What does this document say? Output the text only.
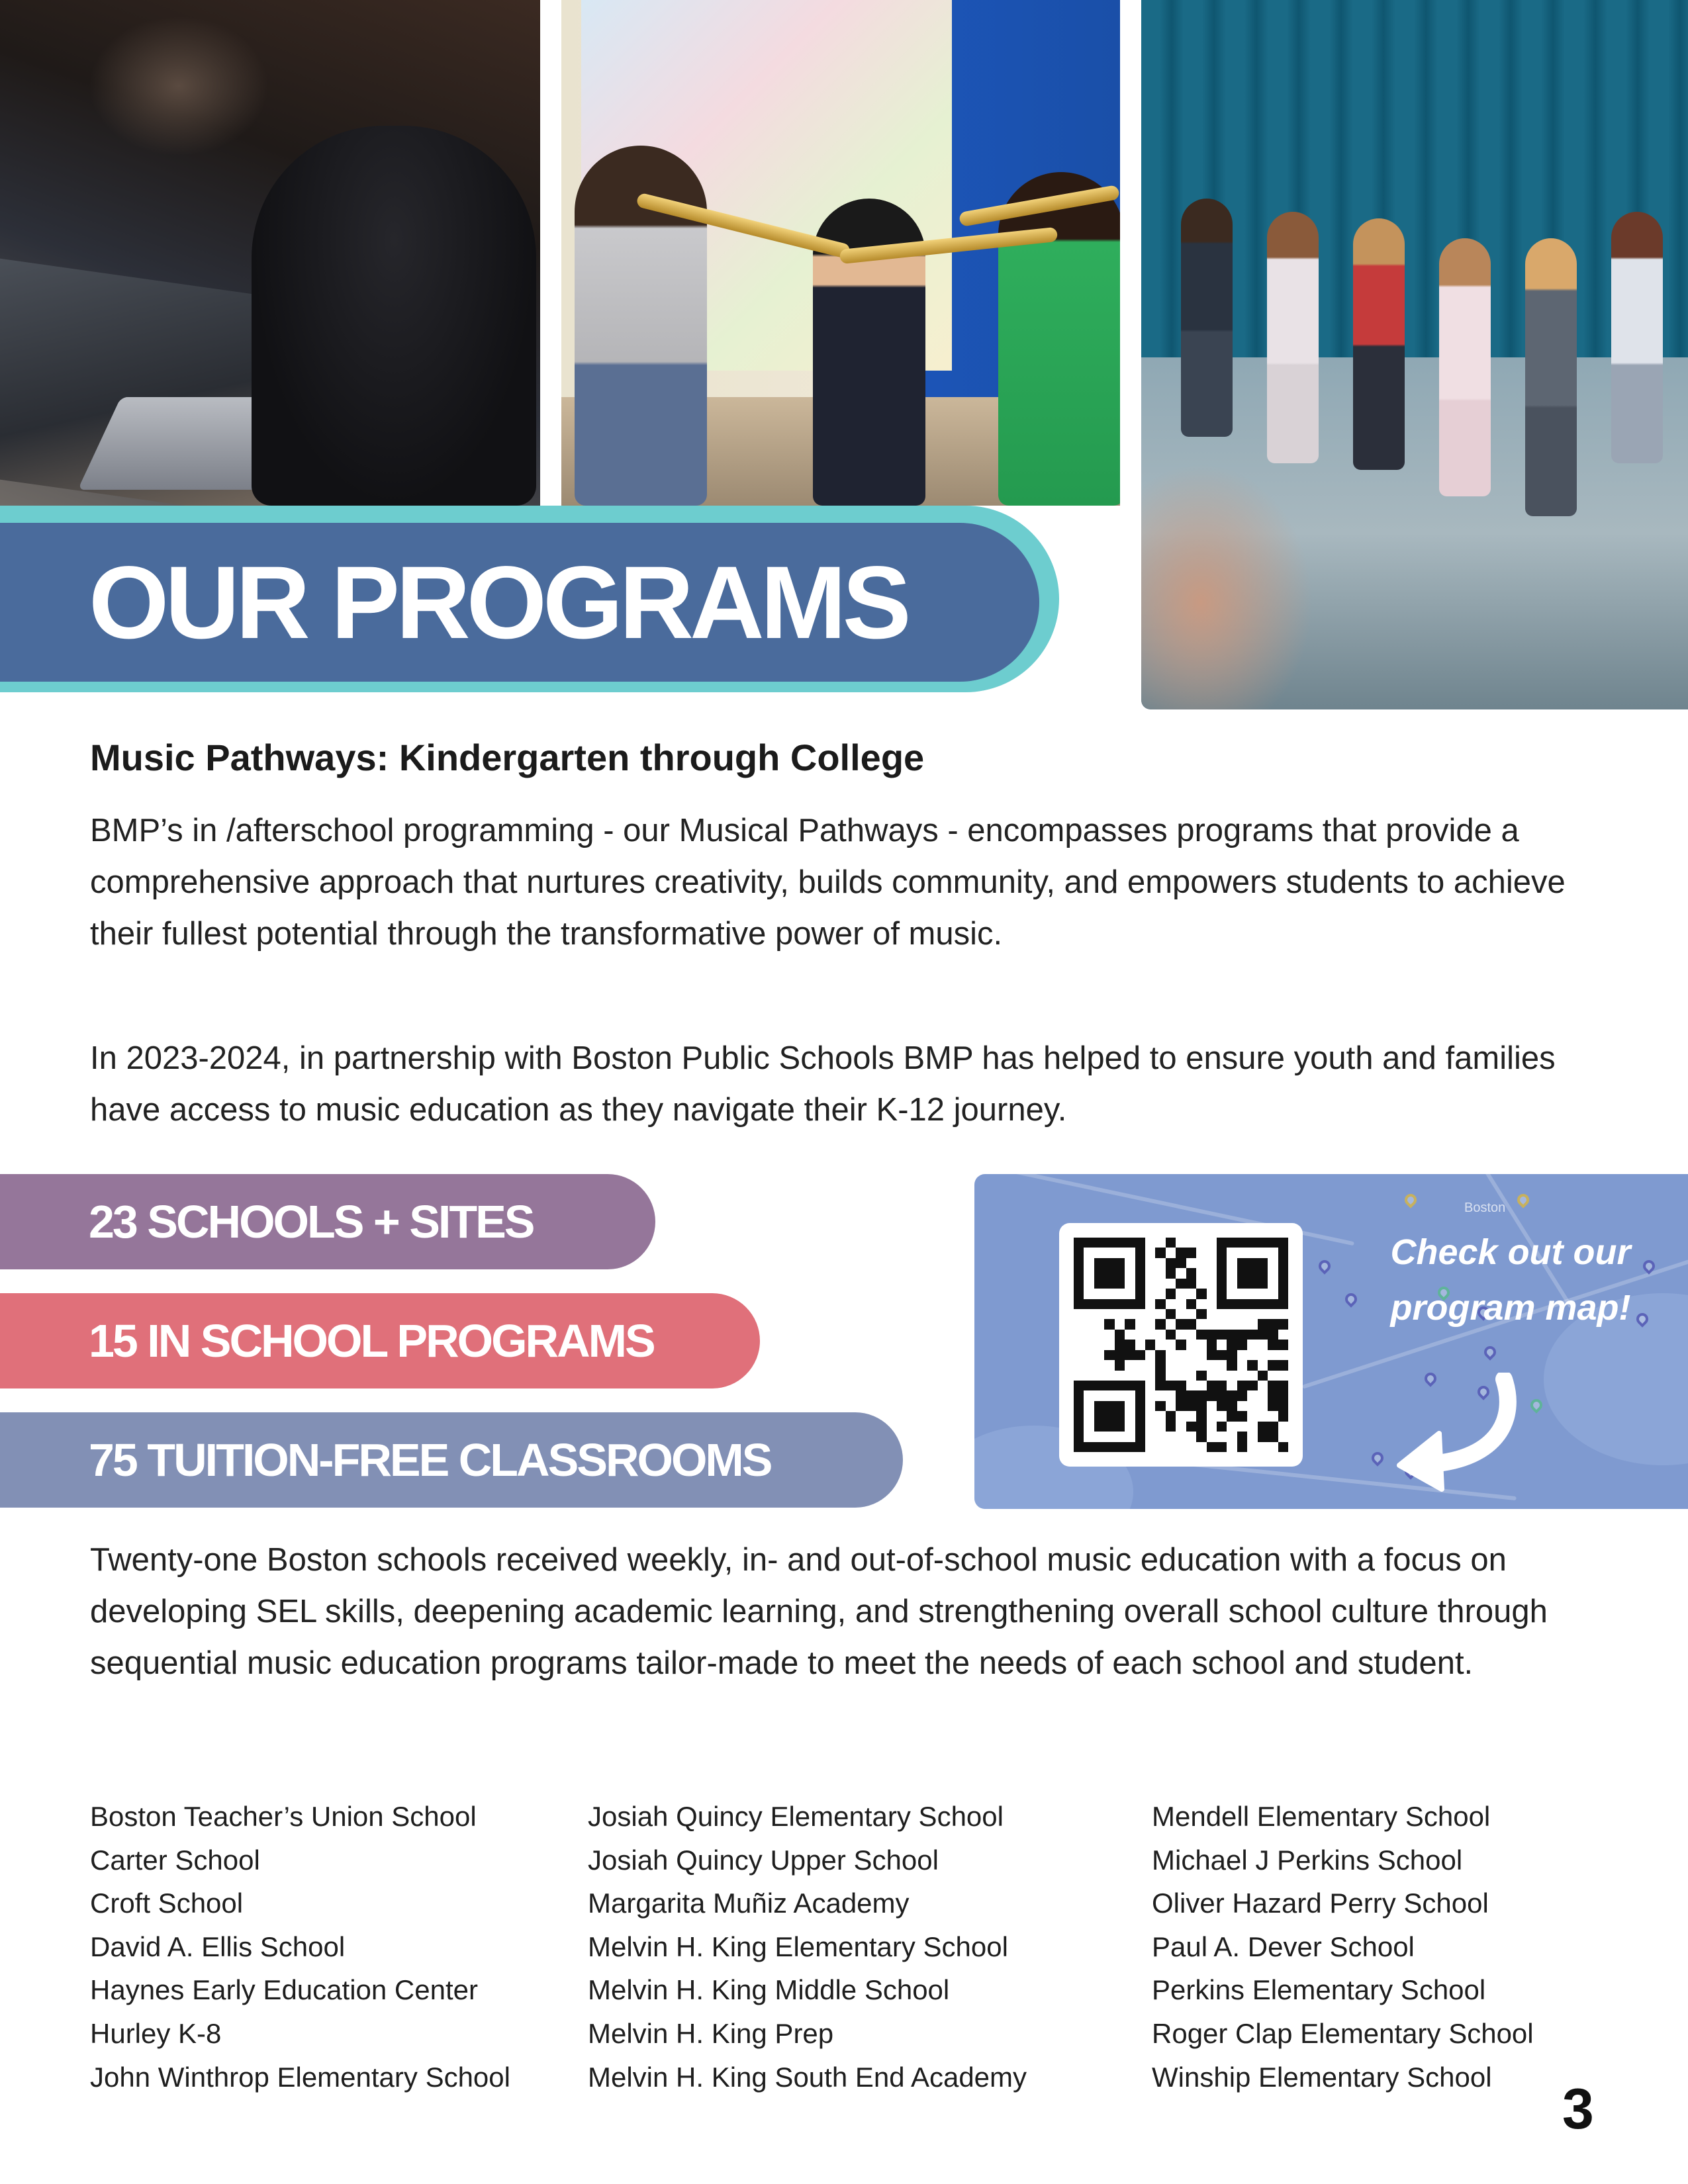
OUR PROGRAMS
Music Pathways: Kindergarten through College

BMP’s in /afterschool programming - our Musical Pathways - encompasses programs that provide a comprehensive approach that nurtures creativity, builds community, and empowers students to achieve their fullest potential through the transformative power of music.

In 2023-2024, in partnership with Boston Public Schools BMP has helped to ensure youth and families have access to music education as they navigate their K-12 journey.

23 SCHOOLS + SITES
15 IN SCHOOL PROGRAMS
75 TUITION-FREE CLASSROOMS
Boston
Check out our
program map!

Twenty-one Boston schools received weekly, in- and out-of-school music education with a focus on developing SEL skills, deepening academic learning, and strengthening overall school culture through sequential music education programs tailor-made to meet the needs of each school and student.

Boston Teacher’s Union School
Carter School
Croft School
David A. Ellis School
Haynes Early Education Center
Hurley K-8
John Winthrop Elementary School
Josiah Quincy Elementary School
Josiah Quincy Upper School
Margarita Muñiz Academy
Melvin H. King Elementary School
Melvin H. King Middle School
Melvin H. King Prep
Melvin H. King South End Academy
Mendell Elementary School
Michael J Perkins School
Oliver Hazard Perry School
Paul A. Dever School
Perkins Elementary School
Roger Clap Elementary School
Winship Elementary School
3
